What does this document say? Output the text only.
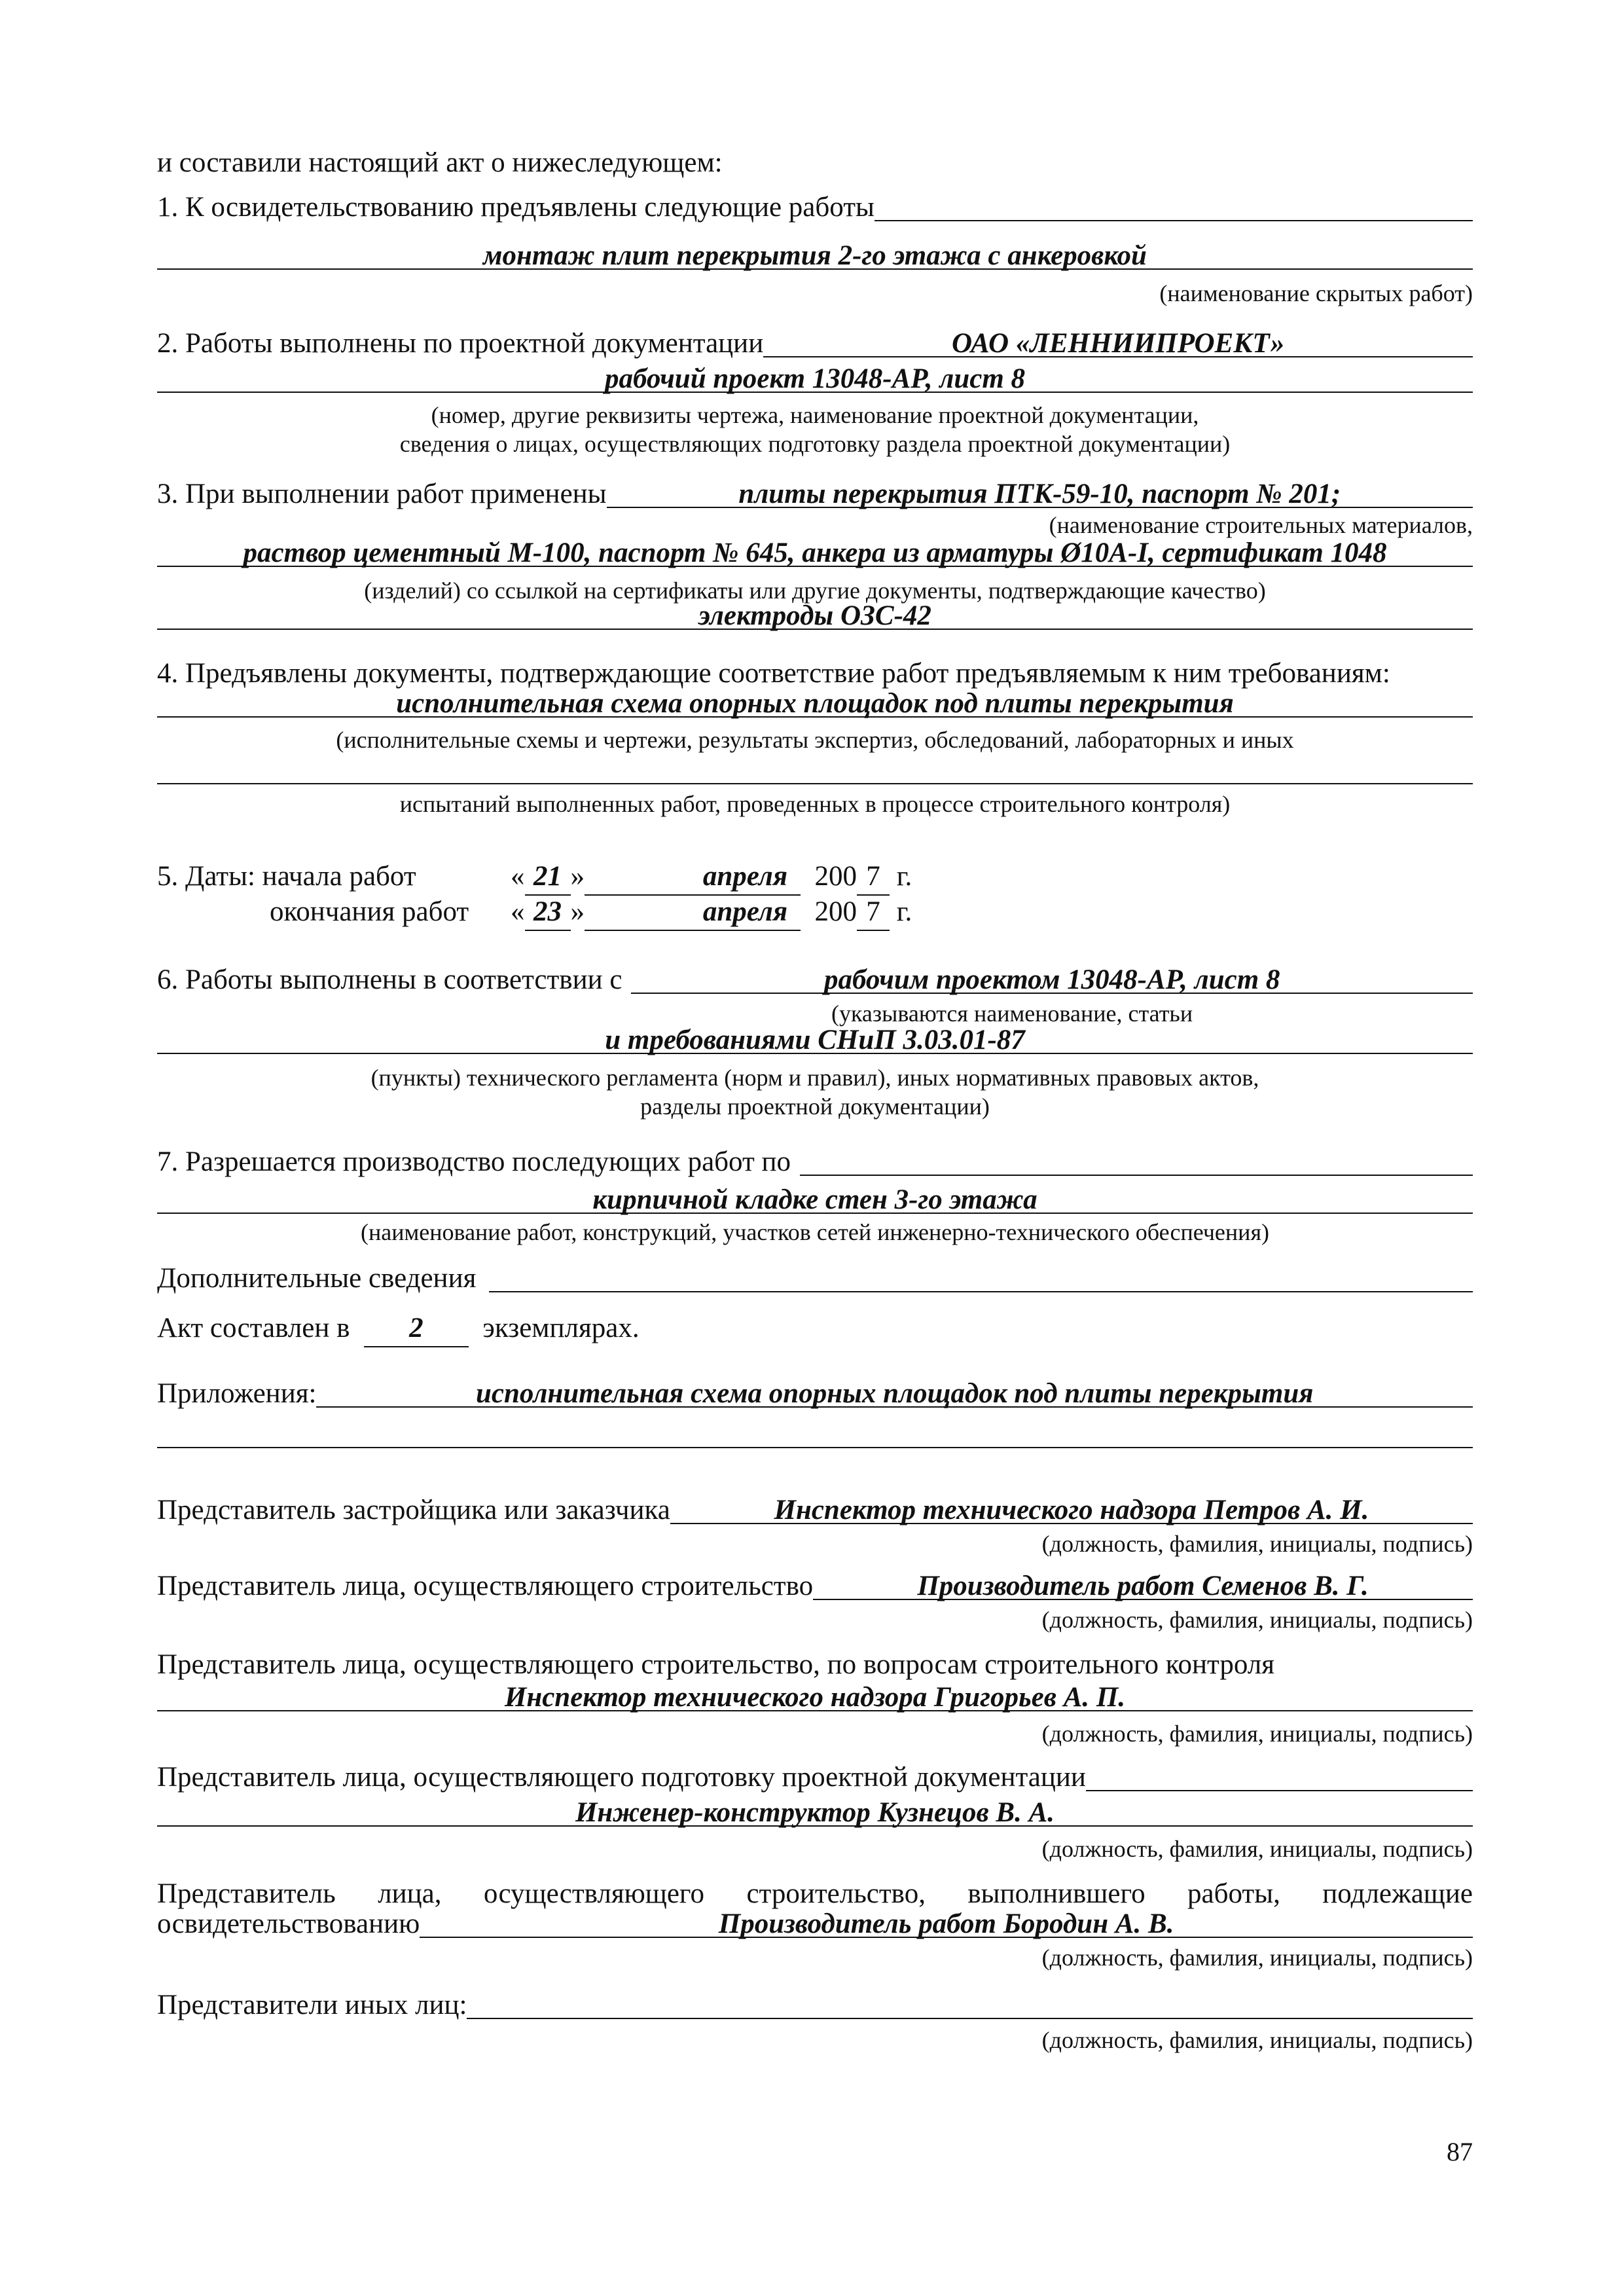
и составили настоящий акт о нижеследующем:
1. К освидетельствованию предъявлены следующие работы
монтаж плит перекрытия 2-го этажа с анкеровкой
(наименование скрытых работ)
2. Работы выполнены по проектной документации	ОАО «ЛЕННИИПРОЕКТ»
рабочий проект 13048-АР, лист 8
(номер, другие реквизиты чертежа, наименование проектной документации,
сведения о лицах, осуществляющих подготовку раздела проектной документации)
3. При выполнении работ применены	плиты перекрытия ПТК-59-10, паспорт № 201;
(наименование строительных материалов,
раствор цементный М-100, паспорт № 645, анкера из арматуры Ø10А-I, сертификат 1048
(изделий) со ссылкой на сертификаты или другие документы, подтверждающие качество)
электроды ОЗС-42
4. Предъявлены документы, подтверждающие соответствие работ предъявляемым к ним требованиям:
исполнительная схема опорных площадок под плиты перекрытия
(исполнительные схемы и чертежи, результаты экспертиз, обследований, лабораторных и иных
испытаний выполненных работ, проведенных в процессе строительного контроля)
5. Даты: начала работ	« 21 »	апреля 200 7 г.
окончания работ « 23 »	апреля 200 7 г.
6. Работы выполнены в соответствии с	рабочим проектом 13048-АР, лист 8
(указываются наименование, статьи
и требованиями СНиП 3.03.01-87
(пункты) технического регламента (норм и правил), иных нормативных правовых актов,
разделы проектной документации)
7. Разрешается производство последующих работ по
кирпичной кладке стен 3-го этажа
(наименование работ, конструкций, участков сетей инженерно-технического обеспечения)
Дополнительные сведения
Акт составлен в 2 экземплярах.
Приложения:	исполнительная схема опорных площадок под плиты перекрытия
Представитель застройщика или заказчика	Инспектор технического надзора Петров А. И.
(должность, фамилия, инициалы, подпись)
Представитель лица, осуществляющего строительство	Производитель работ Семенов В. Г.
(должность, фамилия, инициалы, подпись)
Представитель лица, осуществляющего строительство, по вопросам строительного контроля
Инспектор технического надзора Григорьев А. П.
(должность, фамилия, инициалы, подпись)
Представитель лица, осуществляющего подготовку проектной документации
Инженер-конструктор Кузнецов В. А.
(должность, фамилия, инициалы, подпись)
Представитель лица, осуществляющего строительство, выполнившего работы, подлежащие
освидетельствованию	Производитель работ Бородин А. В.
(должность, фамилия, инициалы, подпись)
Представители иных лиц:
(должность, фамилия, инициалы, подпись)
87
